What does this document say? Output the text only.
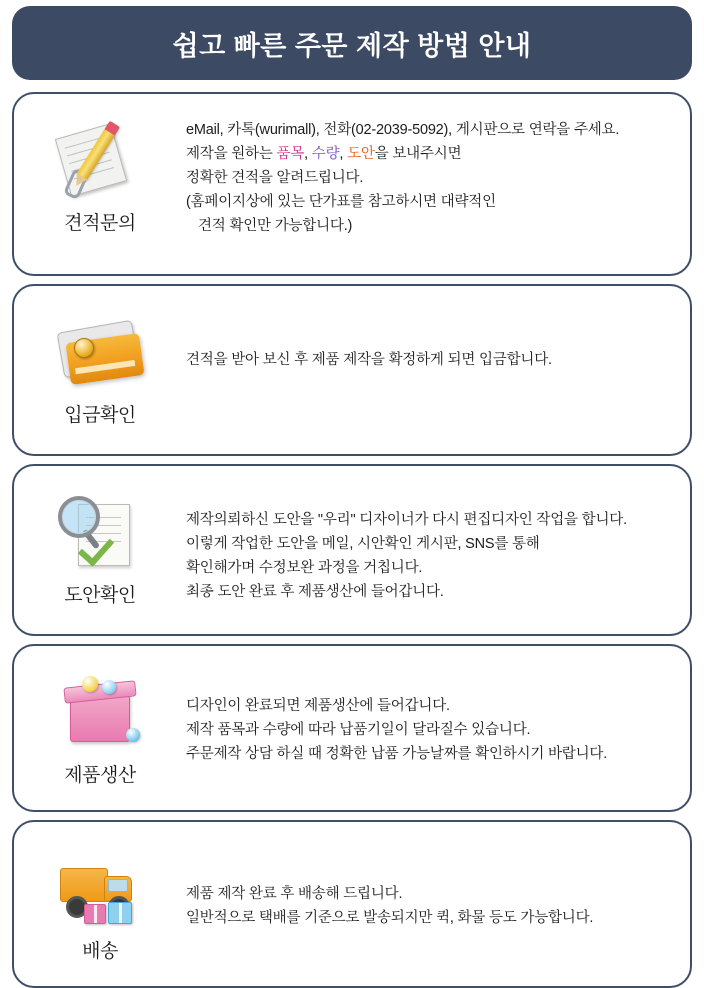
쉽고 빠른 주문 제작 방법 안내
견적문의
eMail, 카톡(wurimall), 전화(02-2039-5092), 게시판으로 연락을 주세요.
제작을 원하는 품목, 수량, 도안을 보내주시면
정확한 견적을 알려드립니다.
(홈페이지상에 있는 단가표를 참고하시면 대략적인
견적 확인만 가능합니다.)
입금확인
견적을 받아 보신 후 제품 제작을 확정하게 되면 입금합니다.
도안확인
제작의뢰하신 도안을 "우리" 디자이너가 다시 편집디자인 작업을 합니다.
이렇게 작업한 도안을 메일, 시안확인 게시판, SNS를 통해
확인해가며 수정보완 과정을 거칩니다.
최종 도안 완료 후 제품생산에 들어갑니다.
제품생산
디자인이 완료되면 제품생산에 들어갑니다.
제작 품목과 수량에 따라 납품기일이 달라질수 있습니다.
주문제작 상담 하실 때 정확한 납품 가능날짜를 확인하시기 바랍니다.
배송
제품 제작 완료 후 배송해 드립니다.
일반적으로 택배를 기준으로 발송되지만 퀵, 화물 등도 가능합니다.
